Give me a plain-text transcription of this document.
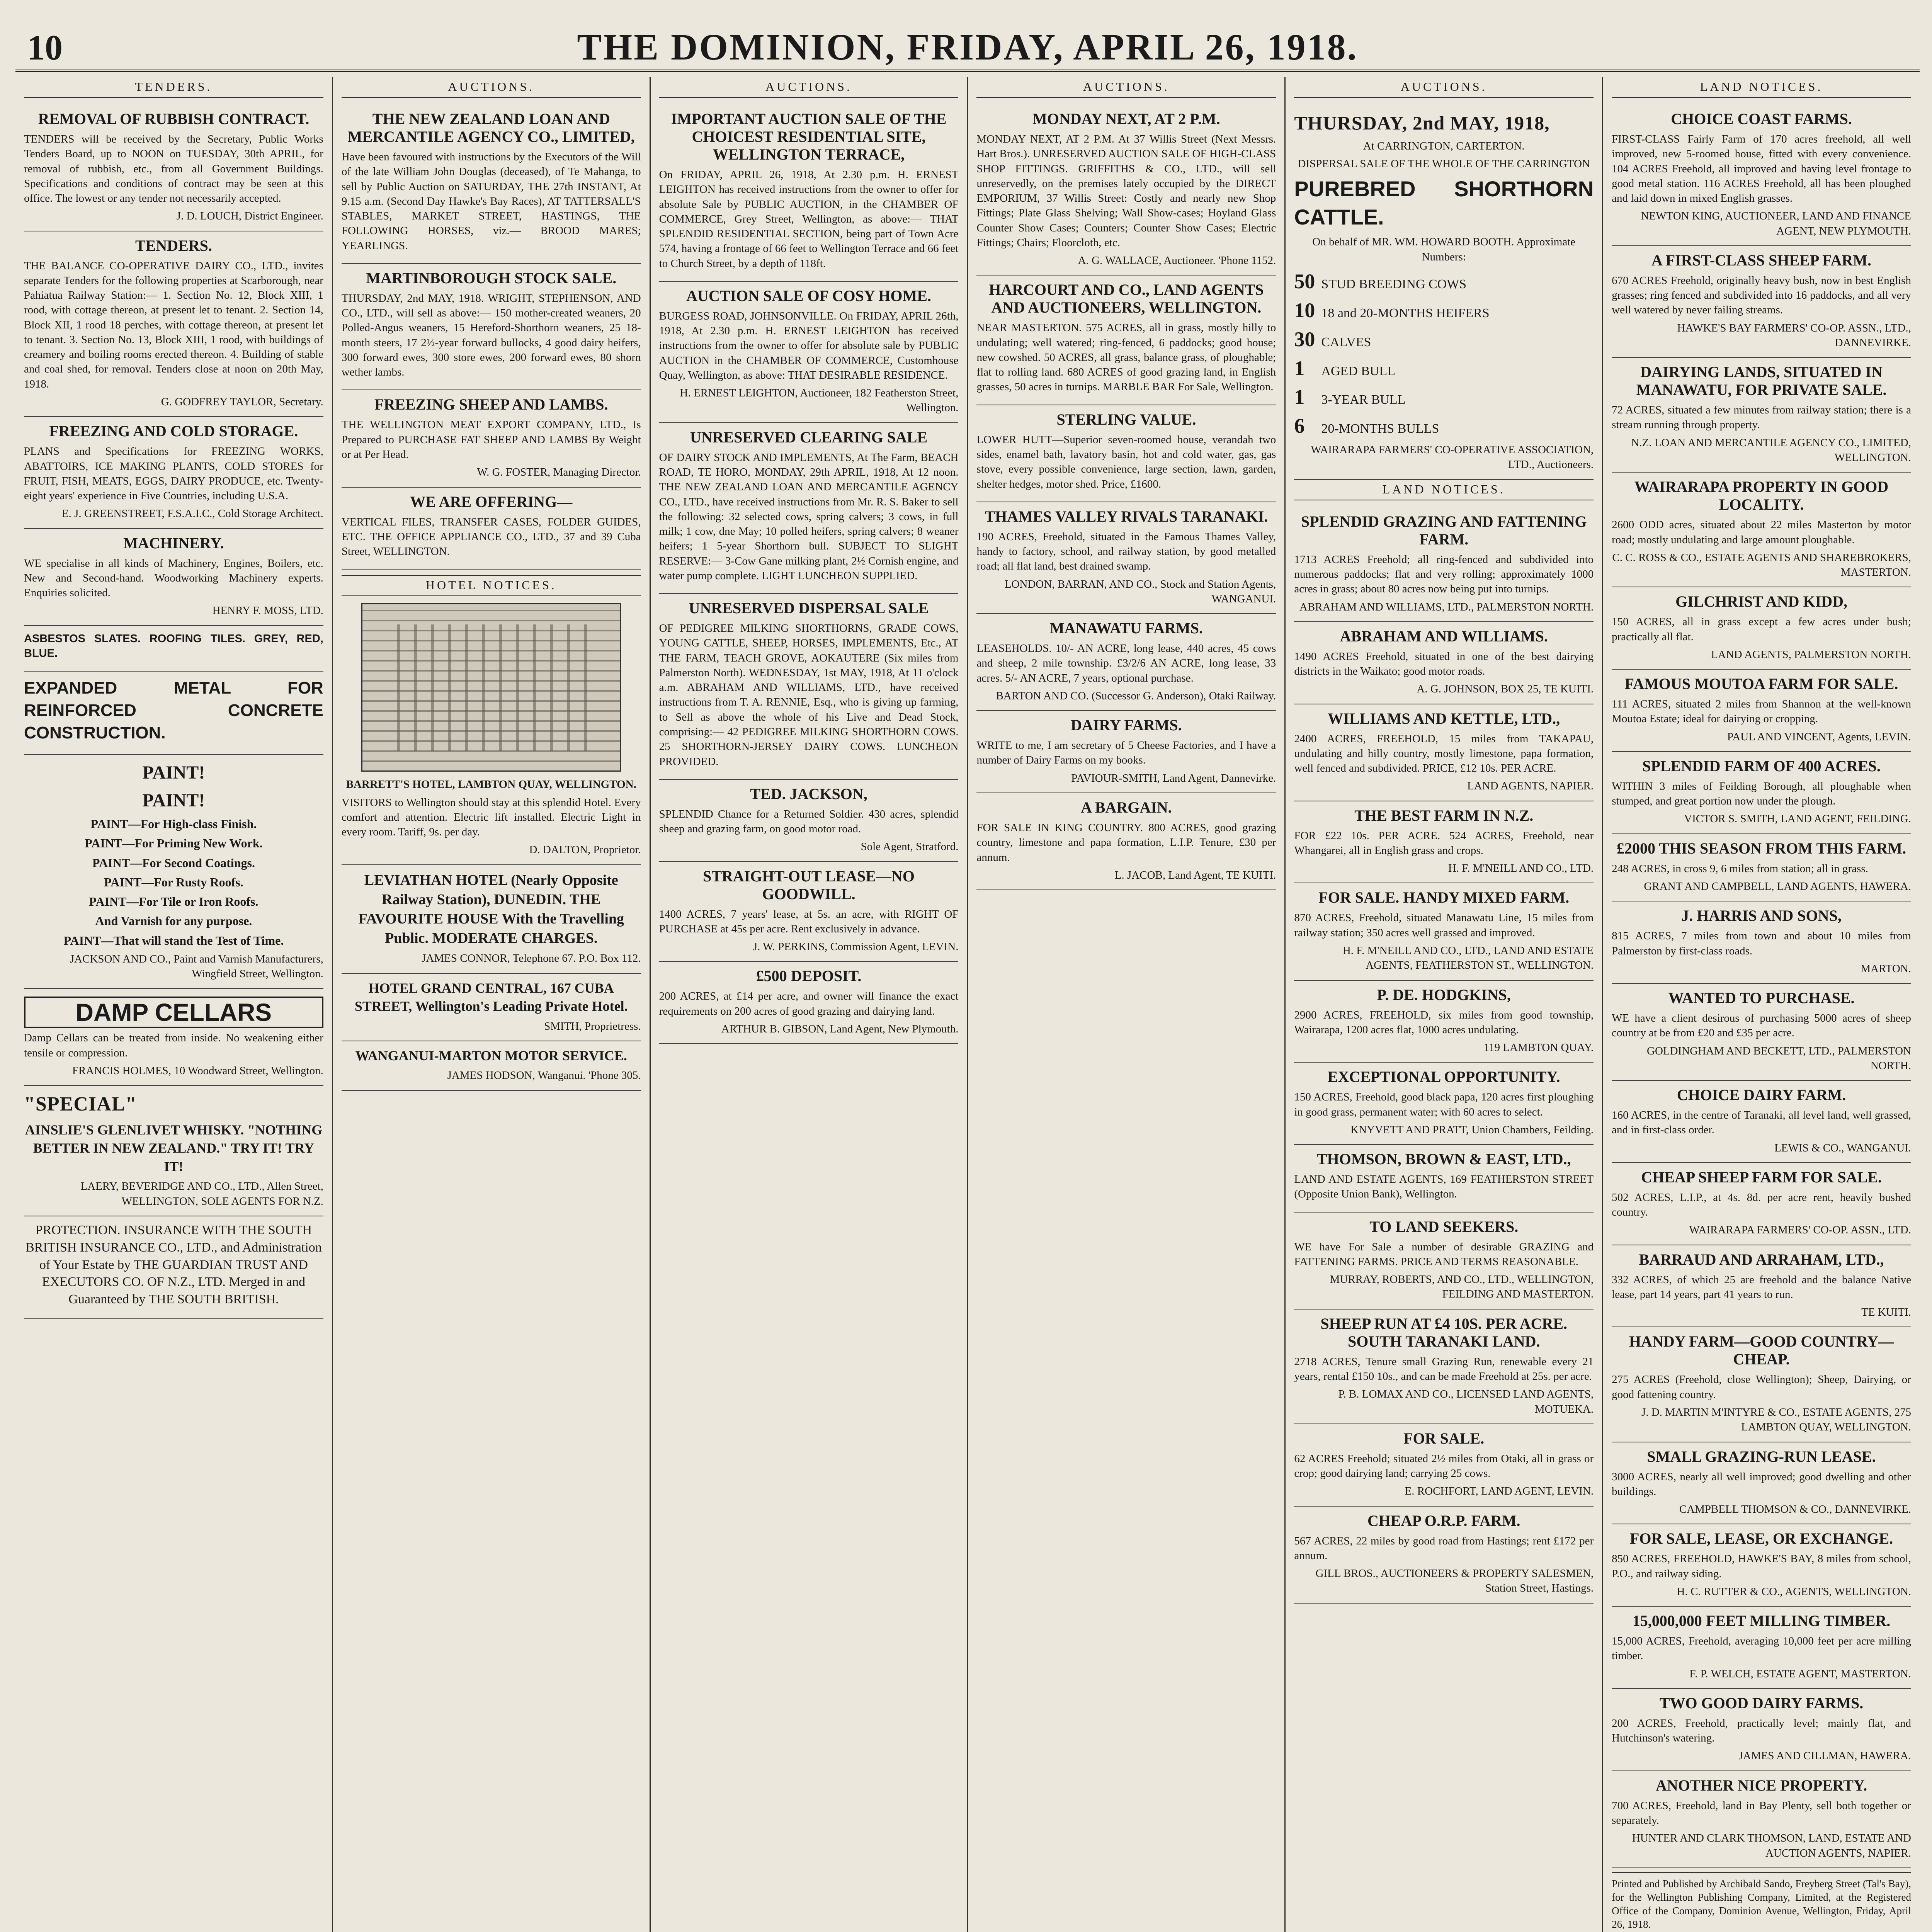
10	THE DOMINION, FRIDAY, APRIL 26, 1918.
TENDERS.
REMOVAL OF RUBBISH CONTRACT.

TENDERS will be received by the Secretary, Public Works Tenders Board, up to NOON on TUESDAY, 30th APRIL, for removal of rubbish, etc., from all Government Buildings. Specifications and conditions of contract may be seen at this office. The lowest or any tender not necessarily accepted.

J. D. LOUCH, District Engineer.

TENDERS.

THE BALANCE CO-OPERATIVE DAIRY CO., LTD., invites separate Tenders for the following properties at Scarborough, near Pahiatua Railway Station:— 1. Section No. 12, Block XIII, 1 rood, with cottage thereon, at present let to tenant. 2. Section 14, Block XII, 1 rood 18 perches, with cottage thereon, at present let to tenant. 3. Section No. 13, Block XIII, 1 rood, with buildings of creamery and boiling rooms erected thereon. 4. Building of stable and coal shed, for removal. Tenders close at noon on 20th May, 1918.

G. GODFREY TAYLOR, Secretary.

FREEZING AND COLD STORAGE.

PLANS and Specifications for FREEZING WORKS, ABATTOIRS, ICE MAKING PLANTS, COLD STORES for FRUIT, FISH, MEATS, EGGS, DAIRY PRODUCE, etc. Twenty-eight years' experience in Five Countries, including U.S.A.

E. J. GREENSTREET, F.S.A.I.C., Cold Storage Architect.

MACHINERY.

WE specialise in all kinds of Machinery, Engines, Boilers, etc. New and Second-hand. Woodworking Machinery experts. Enquiries solicited.

HENRY F. MOSS, LTD.

ASBESTOS SLATES. ROOFING TILES. GREY, RED, BLUE.

EXPANDED METAL FOR REINFORCED CONCRETE CONSTRUCTION.

PAINT!

PAINT!

PAINT—For High-class Finish.

PAINT—For Priming New Work.

PAINT—For Second Coatings.

PAINT—For Rusty Roofs.

PAINT—For Tile or Iron Roofs.

And Varnish for any purpose.

PAINT—That will stand the Test of Time.

JACKSON AND CO., Paint and Varnish Manufacturers, Wingfield Street, Wellington.

DAMP CELLARS

Damp Cellars can be treated from inside. No weakening either tensile or compression.

FRANCIS HOLMES, 10 Woodward Street, Wellington.

"SPECIAL"

AINSLIE'S GLENLIVET WHISKY. "NOTHING BETTER IN NEW ZEALAND." TRY IT! TRY IT!

LAERY, BEVERIDGE AND CO., LTD., Allen Street, WELLINGTON, SOLE AGENTS FOR N.Z.

PROTECTION. INSURANCE WITH THE SOUTH BRITISH INSURANCE CO., LTD., and Administration of Your Estate by THE GUARDIAN TRUST AND EXECUTORS CO. OF N.Z., LTD. Merged in and Guaranteed by THE SOUTH BRITISH.

AUCTIONS.
THE NEW ZEALAND LOAN AND MERCANTILE AGENCY CO., LIMITED,

Have been favoured with instructions by the Executors of the Will of the late William John Douglas (deceased), of Te Mahanga, to sell by Public Auction on SATURDAY, THE 27th INSTANT, At 9.15 a.m. (Second Day Hawke's Bay Races), AT TATTERSALL'S STABLES, MARKET STREET, HASTINGS, THE FOLLOWING HORSES, viz.— BROOD MARES; YEARLINGS.

MARTINBOROUGH STOCK SALE.

THURSDAY, 2nd MAY, 1918. WRIGHT, STEPHENSON, AND CO., LTD., will sell as above:— 150 mother-created weaners, 20 Polled-Angus weaners, 15 Hereford-Shorthorn weaners, 25 18-month steers, 17 2½-year forward bullocks, 4 good dairy heifers, 300 forward ewes, 300 store ewes, 200 forward ewes, 80 shorn wether lambs.

FREEZING SHEEP AND LAMBS.

THE WELLINGTON MEAT EXPORT COMPANY, LTD., Is Prepared to PURCHASE FAT SHEEP AND LAMBS By Weight or at Per Head.

W. G. FOSTER, Managing Director.

WE ARE OFFERING—

VERTICAL FILES, TRANSFER CASES, FOLDER GUIDES, ETC. THE OFFICE APPLIANCE CO., LTD., 37 and 39 Cuba Street, WELLINGTON.

HOTEL NOTICES.

BARRETT'S HOTEL, LAMBTON QUAY, WELLINGTON.

VISITORS to Wellington should stay at this splendid Hotel. Every comfort and attention. Electric lift installed. Electric Light in every room. Tariff, 9s. per day.

D. DALTON, Proprietor.

LEVIATHAN HOTEL (Nearly Opposite Railway Station), DUNEDIN. THE FAVOURITE HOUSE With the Travelling Public. MODERATE CHARGES.

JAMES CONNOR, Telephone 67. P.O. Box 112.

HOTEL GRAND CENTRAL, 167 CUBA STREET, Wellington's Leading Private Hotel.

SMITH, Proprietress.

WANGANUI-MARTON MOTOR SERVICE.

JAMES HODSON, Wanganui. 'Phone 305.

AUCTIONS.
IMPORTANT AUCTION SALE OF THE CHOICEST RESIDENTIAL SITE, WELLINGTON TERRACE,

On FRIDAY, APRIL 26, 1918, At 2.30 p.m. H. ERNEST LEIGHTON has received instructions from the owner to offer for absolute Sale by PUBLIC AUCTION, in the CHAMBER OF COMMERCE, Grey Street, Wellington, as above:— THAT SPLENDID RESIDENTIAL SECTION, being part of Town Acre 574, having a frontage of 66 feet to Wellington Terrace and 66 feet to Church Street, by a depth of 118ft.

AUCTION SALE OF COSY HOME.

BURGESS ROAD, JOHNSONVILLE. On FRIDAY, APRIL 26th, 1918, At 2.30 p.m. H. ERNEST LEIGHTON has received instructions from the owner to offer for absolute sale by PUBLIC AUCTION in the CHAMBER OF COMMERCE, Customhouse Quay, Wellington, as above: THAT DESIRABLE RESIDENCE.

H. ERNEST LEIGHTON, Auctioneer, 182 Featherston Street, Wellington.

UNRESERVED CLEARING SALE

OF DAIRY STOCK AND IMPLEMENTS, At The Farm, BEACH ROAD, TE HORO, MONDAY, 29th APRIL, 1918, At 12 noon. THE NEW ZEALAND LOAN AND MERCANTILE AGENCY CO., LTD., have received instructions from Mr. R. S. Baker to sell the following: 32 selected cows, spring calvers; 3 cows, in full milk; 1 cow, dne May; 10 polled heifers, spring calvers; 8 weaner heifers; 1 5-year Shorthorn bull. SUBJECT TO SLIGHT RESERVE:— 3-Cow Gane milking plant, 2½ Cornish engine, and water pump complete. LIGHT LUNCHEON SUPPLIED.

UNRESERVED DISPERSAL SALE

OF PEDIGREE MILKING SHORTHORNS, GRADE COWS, YOUNG CATTLE, SHEEP, HORSES, IMPLEMENTS, Etc., AT THE FARM, TEACH GROVE, AOKAUTERE (Six miles from Palmerston North). WEDNESDAY, 1st MAY, 1918, At 11 o'clock a.m. ABRAHAM AND WILLIAMS, LTD., have received instructions from T. A. RENNIE, Esq., who is giving up farming, to Sell as above the whole of his Live and Dead Stock, comprising:— 42 PEDIGREE MILKING SHORTHORN COWS. 25 SHORTHORN-JERSEY DAIRY COWS. LUNCHEON PROVIDED.

TED. JACKSON,

SPLENDID Chance for a Returned Soldier. 430 acres, splendid sheep and grazing farm, on good motor road.

Sole Agent, Stratford.

STRAIGHT-OUT LEASE—NO GOODWILL.

1400 ACRES, 7 years' lease, at 5s. an acre, with RIGHT OF PURCHASE at 45s per acre. Rent exclusively in advance.

J. W. PERKINS, Commission Agent, LEVIN.

£500 DEPOSIT.

200 ACRES, at £14 per acre, and owner will finance the exact requirements on 200 acres of good grazing and dairying land.

ARTHUR B. GIBSON, Land Agent, New Plymouth.

AUCTIONS.
MONDAY NEXT, AT 2 P.M.

MONDAY NEXT, AT 2 P.M. At 37 Willis Street (Next Messrs. Hart Bros.). UNRESERVED AUCTION SALE OF HIGH-CLASS SHOP FITTINGS. GRIFFITHS & CO., LTD., will sell unreservedly, on the premises lately occupied by the DIRECT EMPORIUM, 37 Willis Street: Costly and nearly new Shop Fittings; Plate Glass Shelving; Wall Show-cases; Hoyland Glass Counter Show Cases; Counters; Counter Show Cases; Electric Fittings; Chairs; Floorcloth, etc.

A. G. WALLACE, Auctioneer. 'Phone 1152.

HARCOURT AND CO., LAND AGENTS AND AUCTIONEERS, WELLINGTON.

NEAR MASTERTON. 575 ACRES, all in grass, mostly hilly to undulating; well watered; ring-fenced, 6 paddocks; good house; new cowshed. 50 ACRES, all grass, balance grass, of ploughable; flat to rolling land. 680 ACRES of good grazing land, in English grasses, 50 acres in turnips. MARBLE BAR For Sale, Wellington.

STERLING VALUE.

LOWER HUTT—Superior seven-roomed house, verandah two sides, enamel bath, lavatory basin, hot and cold water, gas, gas stove, every possible convenience, large section, lawn, garden, shelter hedges, motor shed. Price, £1600.

THAMES VALLEY RIVALS TARANAKI.

190 ACRES, Freehold, situated in the Famous Thames Valley, handy to factory, school, and railway station, by good metalled road; all flat land, best drained swamp.

LONDON, BARRAN, AND CO., Stock and Station Agents, WANGANUI.

MANAWATU FARMS.

LEASEHOLDS. 10/- AN ACRE, long lease, 440 acres, 45 cows and sheep, 2 mile township. £3/2/6 AN ACRE, long lease, 33 acres. 5/- AN ACRE, 7 years, optional purchase.

BARTON AND CO. (Successor G. Anderson), Otaki Railway.

DAIRY FARMS.

WRITE to me, I am secretary of 5 Cheese Factories, and I have a number of Dairy Farms on my books.

PAVIOUR-SMITH, Land Agent, Dannevirke.

A BARGAIN.

FOR SALE IN KING COUNTRY. 800 ACRES, good grazing country, limestone and papa formation, L.I.P. Tenure, £30 per annum.

L. JACOB, Land Agent, TE KUITI.

AUCTIONS.

THURSDAY, 2nd MAY, 1918,

At CARRINGTON, CARTERTON.

DISPERSAL SALE OF THE WHOLE OF THE CARRINGTON

PUREBRED SHORTHORN CATTLE.

On behalf of MR. WM. HOWARD BOOTH. Approximate Numbers:

50 STUD BREEDING COWS
10 18 and 20-MONTHS HEIFERS
30 CALVES
1 AGED BULL
1 3-YEAR BULL
6 20-MONTHS BULLS

WAIRARAPA FARMERS' CO-OPERATIVE ASSOCIATION, LTD., Auctioneers.

LAND NOTICES.
SPLENDID GRAZING AND FATTENING FARM.

1713 ACRES Freehold; all ring-fenced and subdivided into numerous paddocks; flat and very rolling; approximately 1000 acres in grass; about 80 acres now being put into turnips.

ABRAHAM AND WILLIAMS, LTD., PALMERSTON NORTH.

ABRAHAM AND WILLIAMS.

1490 ACRES Freehold, situated in one of the best dairying districts in the Waikato; good motor roads.

A. G. JOHNSON, BOX 25, TE KUITI.

WILLIAMS AND KETTLE, LTD.,

2400 ACRES, FREEHOLD, 15 miles from TAKAPAU, undulating and hilly country, mostly limestone, papa formation, well fenced and subdivided. PRICE, £12 10s. PER ACRE.

LAND AGENTS, NAPIER.

THE BEST FARM IN N.Z.

FOR £22 10s. PER ACRE. 524 ACRES, Freehold, near Whangarei, all in English grass and crops.

H. F. M'NEILL AND CO., LTD.

FOR SALE. HANDY MIXED FARM.

870 ACRES, Freehold, situated Manawatu Line, 15 miles from railway station; 350 acres well grassed and improved.

H. F. M'NEILL AND CO., LTD., LAND AND ESTATE AGENTS, FEATHERSTON ST., WELLINGTON.

P. DE. HODGKINS,

2900 ACRES, FREEHOLD, six miles from good township, Wairarapa, 1200 acres flat, 1000 acres undulating.

119 LAMBTON QUAY.

EXCEPTIONAL OPPORTUNITY.

150 ACRES, Freehold, good black papa, 120 acres first ploughing in good grass, permanent water; with 60 acres to select.

KNYVETT AND PRATT, Union Chambers, Feilding.

THOMSON, BROWN & EAST, LTD.,

LAND AND ESTATE AGENTS, 169 FEATHERSTON STREET (Opposite Union Bank), Wellington.

TO LAND SEEKERS.

WE have For Sale a number of desirable GRAZING and FATTENING FARMS. PRICE AND TERMS REASONABLE.

MURRAY, ROBERTS, AND CO., LTD., WELLINGTON, FEILDING AND MASTERTON.

SHEEP RUN AT £4 10S. PER ACRE. SOUTH TARANAKI LAND.

2718 ACRES, Tenure small Grazing Run, renewable every 21 years, rental £150 10s., and can be made Freehold at 25s. per acre.

P. B. LOMAX AND CO., LICENSED LAND AGENTS, MOTUEKA.

FOR SALE.

62 ACRES Freehold; situated 2½ miles from Otaki, all in grass or crop; good dairying land; carrying 25 cows.

E. ROCHFORT, LAND AGENT, LEVIN.

CHEAP O.R.P. FARM.

567 ACRES, 22 miles by good road from Hastings; rent £172 per annum.

GILL BROS., AUCTIONEERS & PROPERTY SALESMEN, Station Street, Hastings.

LAND NOTICES.
CHOICE COAST FARMS.

FIRST-CLASS Fairly Farm of 170 acres freehold, all well improved, new 5-roomed house, fitted with every convenience. 104 ACRES Freehold, all improved and having level frontage to good metal station. 116 ACRES Freehold, all has been ploughed and laid down in mixed English grasses.

NEWTON KING, AUCTIONEER, LAND AND FINANCE AGENT, NEW PLYMOUTH.

A FIRST-CLASS SHEEP FARM.

670 ACRES Freehold, originally heavy bush, now in best English grasses; ring fenced and subdivided into 16 paddocks, and all very well watered by never failing streams.

HAWKE'S BAY FARMERS' CO-OP. ASSN., LTD., DANNEVIRKE.

DAIRYING LANDS, SITUATED IN MANAWATU, FOR PRIVATE SALE.

72 ACRES, situated a few minutes from railway station; there is a stream running through property.

N.Z. LOAN AND MERCANTILE AGENCY CO., LIMITED, WELLINGTON.

WAIRARAPA PROPERTY IN GOOD LOCALITY.

2600 ODD acres, situated about 22 miles Masterton by motor road; mostly undulating and large amount ploughable.

C. C. ROSS & CO., ESTATE AGENTS AND SHAREBROKERS, MASTERTON.

GILCHRIST AND KIDD,

150 ACRES, all in grass except a few acres under bush; practically all flat.

LAND AGENTS, PALMERSTON NORTH.

FAMOUS MOUTOA FARM FOR SALE.

111 ACRES, situated 2 miles from Shannon at the well-known Moutoa Estate; ideal for dairying or cropping.

PAUL AND VINCENT, Agents, LEVIN.

SPLENDID FARM OF 400 ACRES.

WITHIN 3 miles of Feilding Borough, all ploughable when stumped, and great portion now under the plough.

VICTOR S. SMITH, LAND AGENT, FEILDING.

£2000 THIS SEASON FROM THIS FARM.

248 ACRES, in cross 9, 6 miles from station; all in grass.

GRANT AND CAMPBELL, LAND AGENTS, HAWERA.

J. HARRIS AND SONS,

815 ACRES, 7 miles from town and about 10 miles from Palmerston by first-class roads.

MARTON.

WANTED TO PURCHASE.

WE have a client desirous of purchasing 5000 acres of sheep country at be from £20 and £35 per acre.

GOLDINGHAM AND BECKETT, LTD., PALMERSTON NORTH.

CHOICE DAIRY FARM.

160 ACRES, in the centre of Taranaki, all level land, well grassed, and in first-class order.

LEWIS & CO., WANGANUI.

CHEAP SHEEP FARM FOR SALE.

502 ACRES, L.I.P., at 4s. 8d. per acre rent, heavily bushed country.

WAIRARAPA FARMERS' CO-OP. ASSN., LTD.

BARRAUD AND ARRAHAM, LTD.,

332 ACRES, of which 25 are freehold and the balance Native lease, part 14 years, part 41 years to run.

TE KUITI.

HANDY FARM—GOOD COUNTRY—CHEAP.

275 ACRES (Freehold, close Wellington); Sheep, Dairying, or good fattening country.

J. D. MARTIN M'INTYRE & CO., ESTATE AGENTS, 275 LAMBTON QUAY, WELLINGTON.

SMALL GRAZING-RUN LEASE.

3000 ACRES, nearly all well improved; good dwelling and other buildings.

CAMPBELL THOMSON & CO., DANNEVIRKE.

FOR SALE, LEASE, OR EXCHANGE.

850 ACRES, FREEHOLD, HAWKE'S BAY, 8 miles from school, P.O., and railway siding.

H. C. RUTTER & CO., AGENTS, WELLINGTON.

15,000,000 FEET MILLING TIMBER.

15,000 ACRES, Freehold, averaging 10,000 feet per acre milling timber.

F. P. WELCH, ESTATE AGENT, MASTERTON.

TWO GOOD DAIRY FARMS.

200 ACRES, Freehold, practically level; mainly flat, and Hutchinson's watering.

JAMES AND CILLMAN, HAWERA.

ANOTHER NICE PROPERTY.

700 ACRES, Freehold, land in Bay Plenty, sell both together or separately.

HUNTER AND CLARK THOMSON, LAND, ESTATE AND AUCTION AGENTS, NAPIER.

Printed and Published by Archibald Sando, Freyberg Street (Tal's Bay), for the Wellington Publishing Company, Limited, at the Registered Office of the Company, Dominion Avenue, Wellington, Friday, April 26, 1918.
